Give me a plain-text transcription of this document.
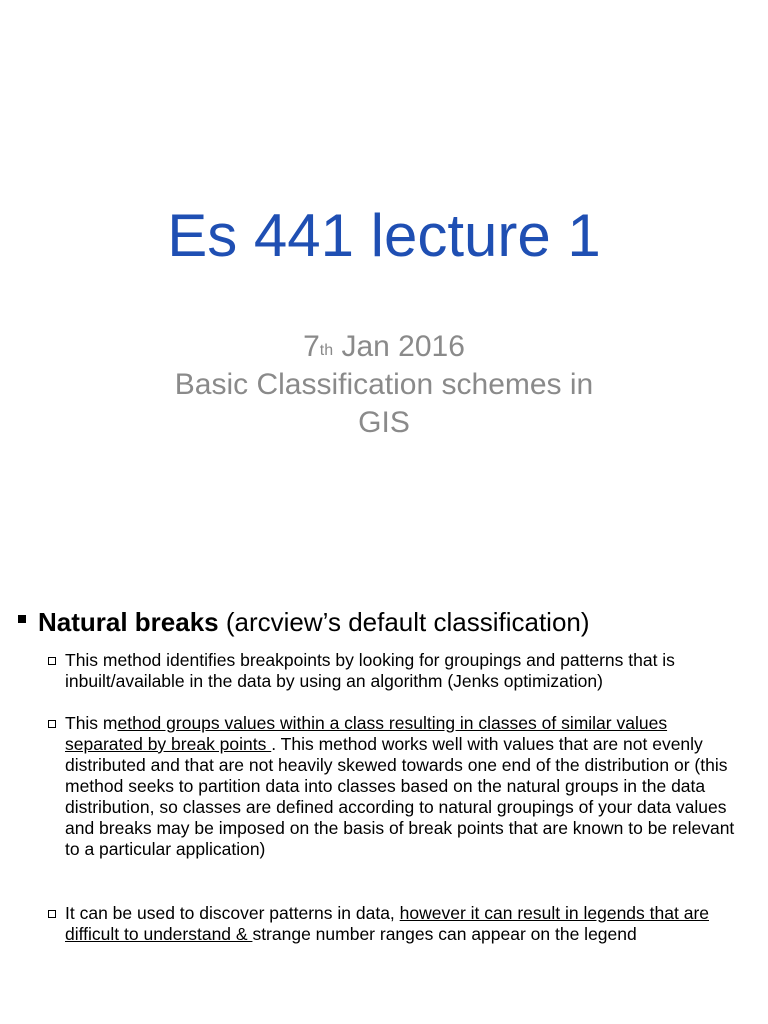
Es 441 lecture 1
7th Jan 2016
Basic Classification schemes in
GIS
Natural breaks (arcview’s default classification)
This method identifies breakpoints by looking for groupings and patterns that is inbuilt/available in the data by using an algorithm (Jenks optimization)
This method groups values within a class resulting in classes of similar values separated by break points . This method works well with values that are not evenly distributed and that are not heavily skewed towards one end of the distribution or (this method seeks to partition data into classes based on the natural groups in the data distribution, so classes are defined according to natural groupings of your data values and breaks may be imposed on the basis of break points that are known to be relevant to a particular application)
It can be used to discover patterns in data, however it can result in legends that are difficult to understand & strange number ranges can appear on the legend
